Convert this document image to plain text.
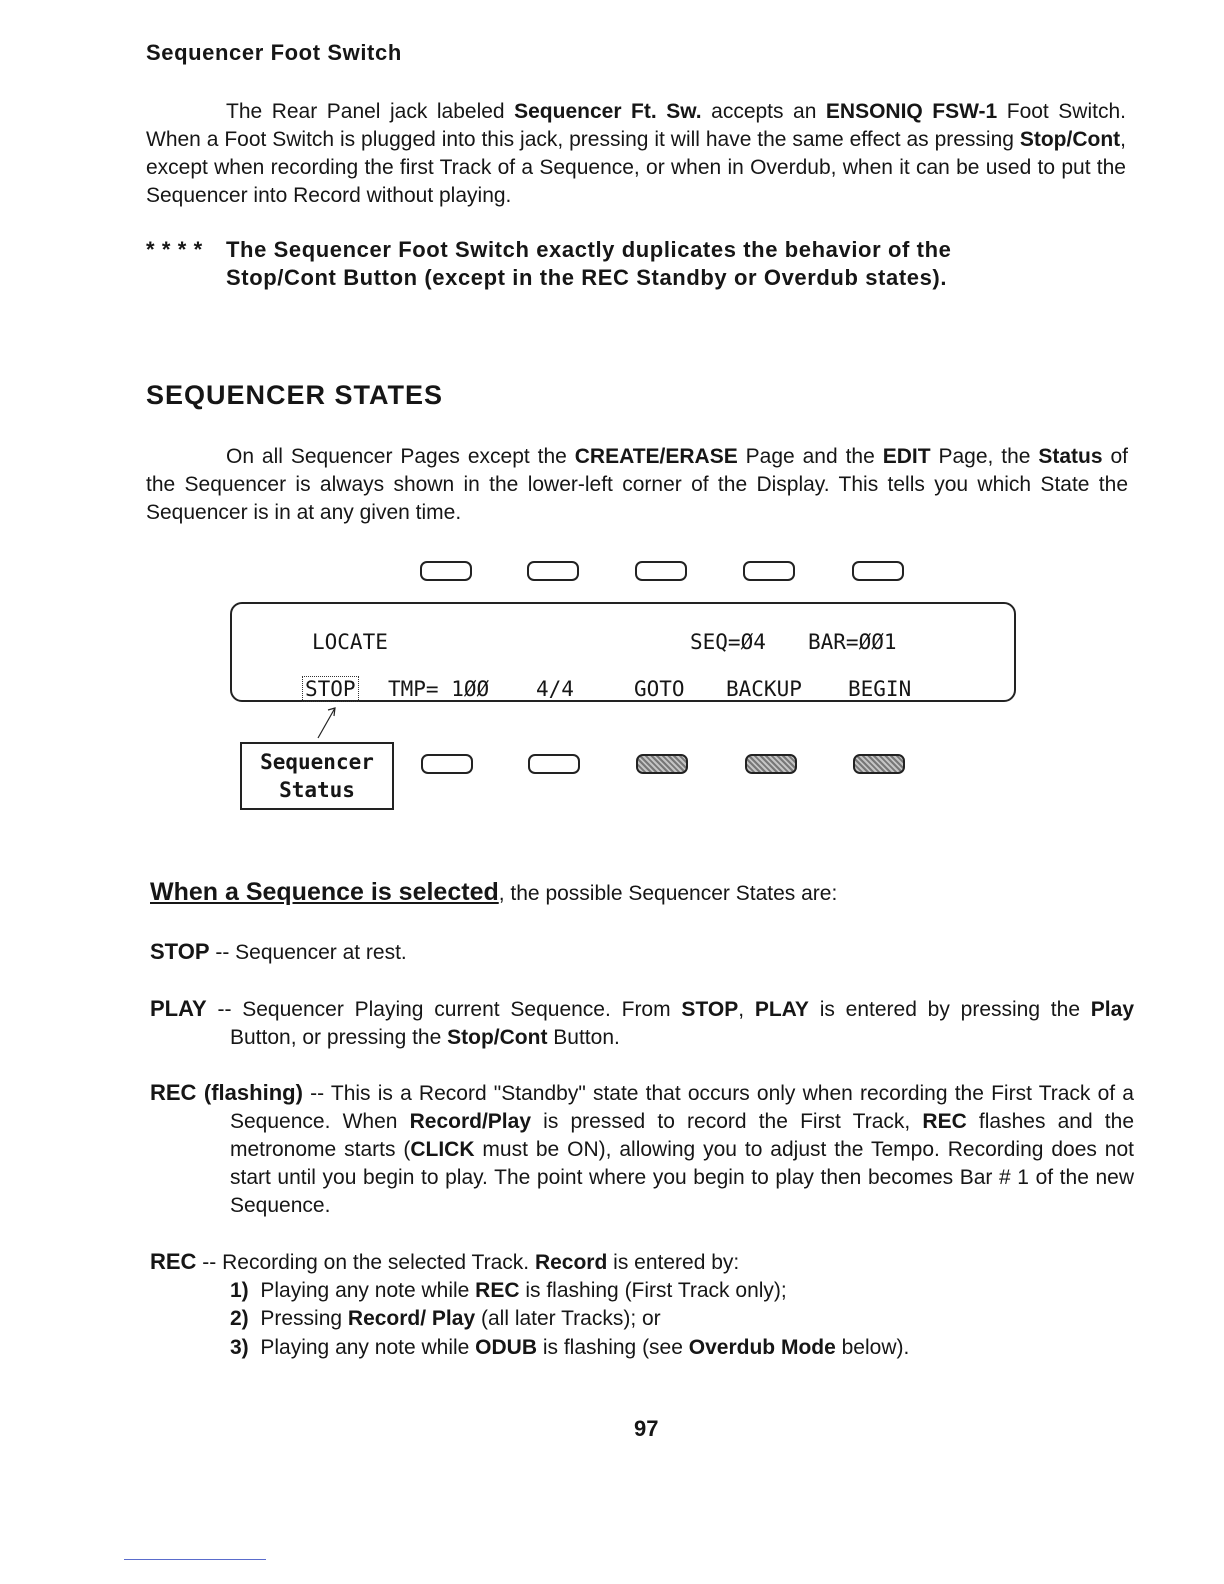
Sequencer Foot Switch
The Rear Panel jack labeled Sequencer Ft. Sw. accepts an ENSONIQ FSW-1 Foot Switch. When a Foot Switch is plugged into this jack, pressing it will have the same effect as pressing Stop/Cont, except when recording the first Track of a Sequence, or when in Overdub, when it can be used to put the Sequencer into Record without playing.
* * * * The Sequencer Foot Switch exactly duplicates the behavior of the
Stop/Cont Button (except in the REC Standby or Overdub states).
SEQUENCER STATES
On all Sequencer Pages except the CREATE/ERASE Page and the EDIT Page, the Status of the Sequencer is always shown in the lower-left corner of the Display. This tells you which State the Sequencer is in at any given time.
LOCATE	SEQ=Ø4 BAR=ØØ1
STOP TMP= 1ØØ 4/4	GOTO BACKUP BEGIN
Sequencer
Status
When a Sequence is selected, the possible Sequencer States are:
STOP -- Sequencer at rest.
PLAY -- Sequencer Playing current Sequence. From STOP, PLAY is entered by pressing the Play Button, or pressing the Stop/Cont Button.
REC (flashing) -- This is a Record "Standby" state that occurs only when recording the First Track of a Sequence. When Record/Play is pressed to record the First Track, REC flashes and the metronome starts (CLICK must be ON), allowing you to adjust the Tempo. Recording does not start until you begin to play. The point where you begin to play then becomes Bar # 1 of the new Sequence.
REC -- Recording on the selected Track. Record is entered by:
1) Playing any note while REC is flashing (First Track only);
2) Pressing Record/ Play (all later Tracks); or
3) Playing any note while ODUB is flashing (see Overdub Mode below).
97
